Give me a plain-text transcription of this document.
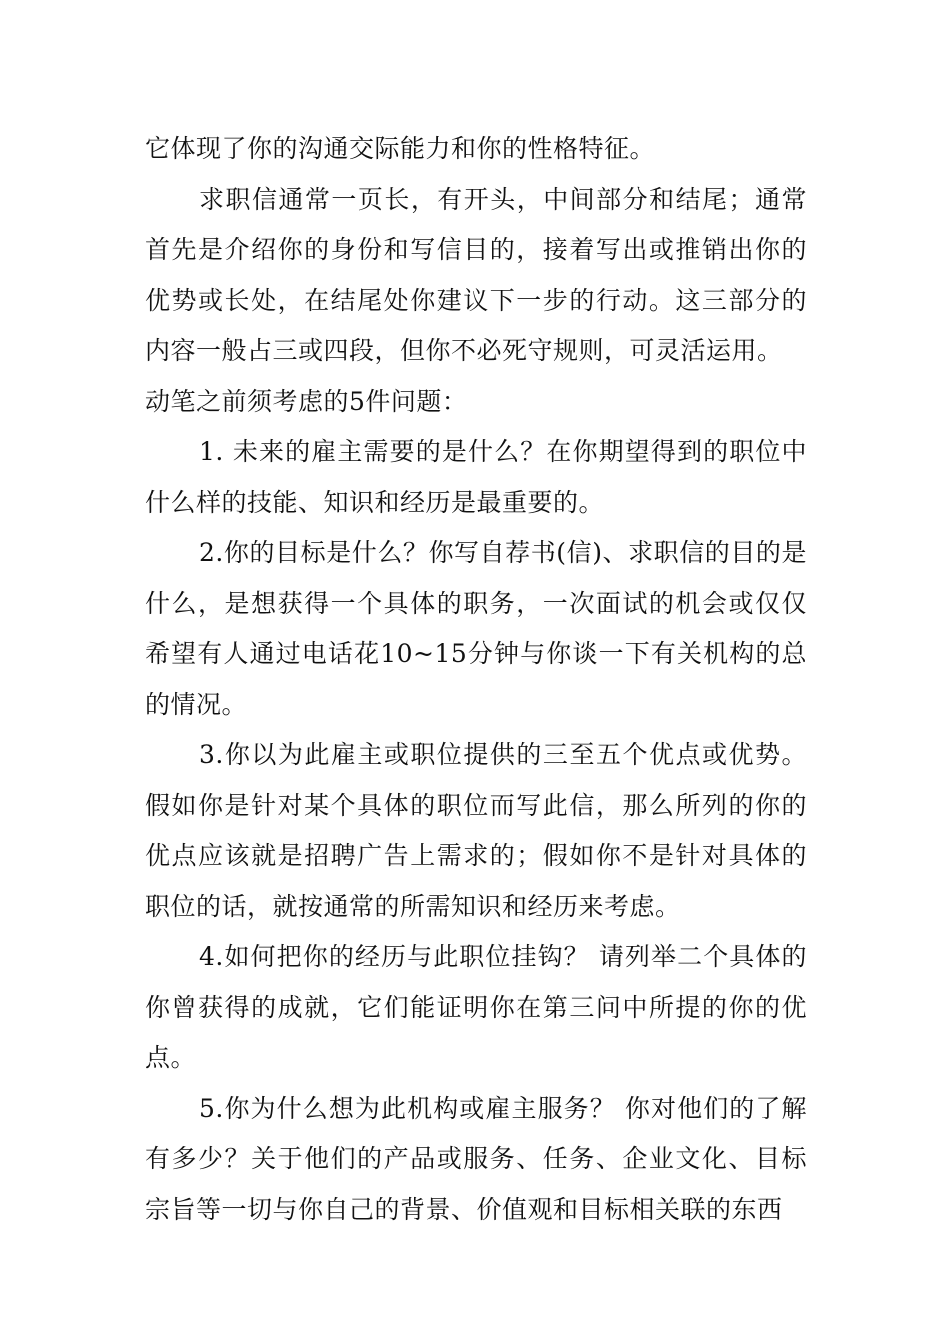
它体现了你的沟通交际能力和你的性格特征。

求职信通常一页长，有开头，中间部分和结尾；通常首先是介绍你的身份和写信目的，接着写出或推销出你的优势或长处，在结尾处你建议下一步的行动。这三部分的内容一般占三或四段，但你不必死守规则，可灵活运用。

动笔之前须考虑的5件问题：

1. 未来的雇主需要的是什么？在你期望得到的职位中什么样的技能、知识和经历是最重要的。

2.你的目标是什么？你写自荐书(信)、求职信的目的是什么，是想获得一个具体的职务，一次面试的机会或仅仅希望有人通过电话花10~15分钟与你谈一下有关机构的总的情况。

3.你以为此雇主或职位提供的三至五个优点或优势。假如你是针对某个具体的职位而写此信，那么所列的你的优点应该就是招聘广告上需求的；假如你不是针对具体的职位的话，就按通常的所需知识和经历来考虑。

4.如何把你的经历与此职位挂钩？ 请列举二个具体的你曾获得的成就，它们能证明你在第三问中所提的你的优点。

5.你为什么想为此机构或雇主服务？ 你对他们的了解有多少？关于他们的产品或服务、任务、企业文化、目标宗旨等一切与你自己的背景、价值观和目标相关联的东西
